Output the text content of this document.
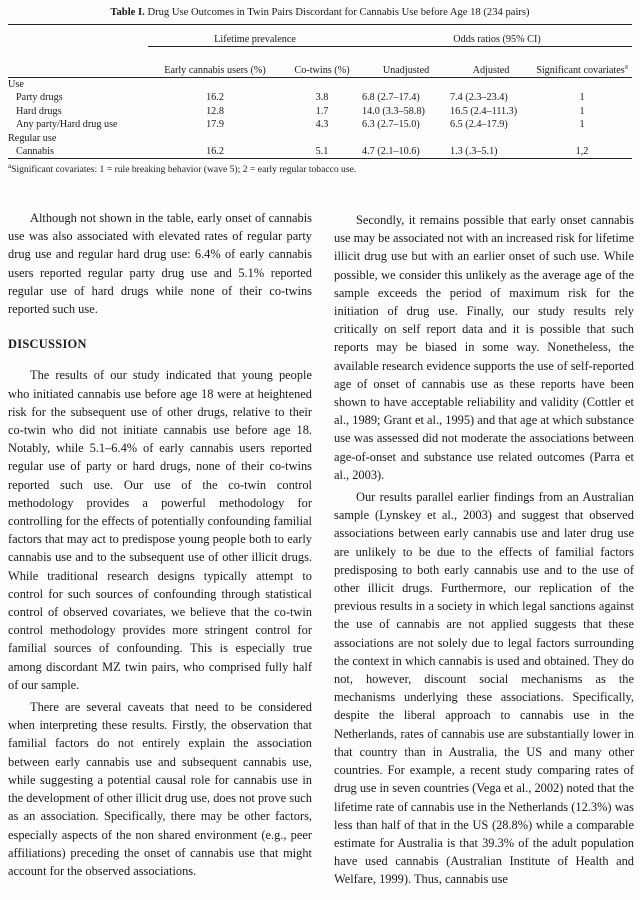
Table I. Drug Use Outcomes in Twin Pairs Discordant for Cannabis Use before Age 18 (234 pairs)
	Lifetime prevalence		Odds ratios (95% CI)		
	Early cannabis users (%)	Co-twins (%)	Unadjusted	Adjusted	Significant covariates$^a$
Use					
Party drugs	16.2	3.8	6.8 (2.7–17.4)	7.4 (2.3–23.4)	1
Hard drugs	12.8	1.7	14.0 (3.3–58.8)	16.5 (2.4–111.3)	1
Any party/Hard drug use	17.9	4.3	6.3 (2.7–15.0)	6.5 (2.4–17.9)	1
Regular use					
Cannabis	16.2	5.1	4.7 (2.1–10.6)	1.3 (.3–5.1)	1,2
$^a$Significant covariates: 1 = rule breaking behavior (wave 5); 2 = early regular tobacco use.

Although not shown in the table, early onset of cannabis use was also associated with elevated rates of regular party drug use and regular hard drug use: 6.4% of early cannabis users reported regular party drug use and 5.1% reported regular use of hard drugs while none of their co-twins reported such use.

DISCUSSION

The results of our study indicated that young people who initiated cannabis use before age 18 were at heightened risk for the subsequent use of other drugs, relative to their co-twin who did not initiate cannabis use before age 18. Notably, while 5.1–6.4% of early cannabis users reported regular use of party or hard drugs, none of their co-twins reported such use. Our use of the co-twin control methodology provides a powerful methodology for controlling for the effects of potentially confounding familial factors that may act to predispose young people both to early cannabis use and to the subsequent use of other illicit drugs. While traditional research designs typically attempt to control for such sources of confounding through statistical control of observed covariates, we believe that the co-twin control methodology provides more stringent control for familial sources of confounding. This is especially true among discordant MZ twin pairs, who comprised fully half of our sample.

There are several caveats that need to be considered when interpreting these results. Firstly, the observation that familial factors do not entirely explain the association between early cannabis use and subsequent cannabis use, while suggesting a potential causal role for cannabis use in the development of other illicit drug use, does not prove such as an association. Specifically, there may be other factors, especially aspects of the non shared environment (e.g., peer affiliations) preceding the onset of cannabis use that might account for the observed associations.

Secondly, it remains possible that early onset cannabis use may be associated not with an increased risk for lifetime illicit drug use but with an earlier onset of such use. While possible, we consider this unlikely as the average age of the sample exceeds the period of maximum risk for the initiation of drug use. Finally, our study results rely critically on self report data and it is possible that such reports may be biased in some way. Nonetheless, the available research evidence supports the use of self-reported age of onset of cannabis use as these reports have been shown to have acceptable reliability and validity (Cottler et al., 1989; Grant et al., 1995) and that age at which substance use was assessed did not moderate the associations between age-of-onset and substance use related outcomes (Parra et al., 2003).

Our results parallel earlier findings from an Australian sample (Lynskey et al., 2003) and suggest that observed associations between early cannabis use and later drug use are unlikely to be due to the effects of familial factors predisposing to both early cannabis use and to the use of other illicit drugs. Furthermore, our replication of the previous results in a society in which legal sanctions against the use of cannabis are not applied suggests that these associations are not solely due to legal factors surrounding the context in which cannabis is used and obtained. They do not, however, discount social mechanisms as the mechanisms underlying these associations. Specifically, despite the liberal approach to cannabis use in the Netherlands, rates of cannabis use are substantially lower in that country than in Australia, the US and many other countries. For example, a recent study comparing rates of drug use in seven countries (Vega et al., 2002) noted that the lifetime rate of cannabis use in the Netherlands (12.3%) was less than half of that in the US (28.8%) while a comparable estimate for Australia is that 39.3% of the adult population have used cannabis (Australian Institute of Health and Welfare, 1999). Thus, cannabis use
